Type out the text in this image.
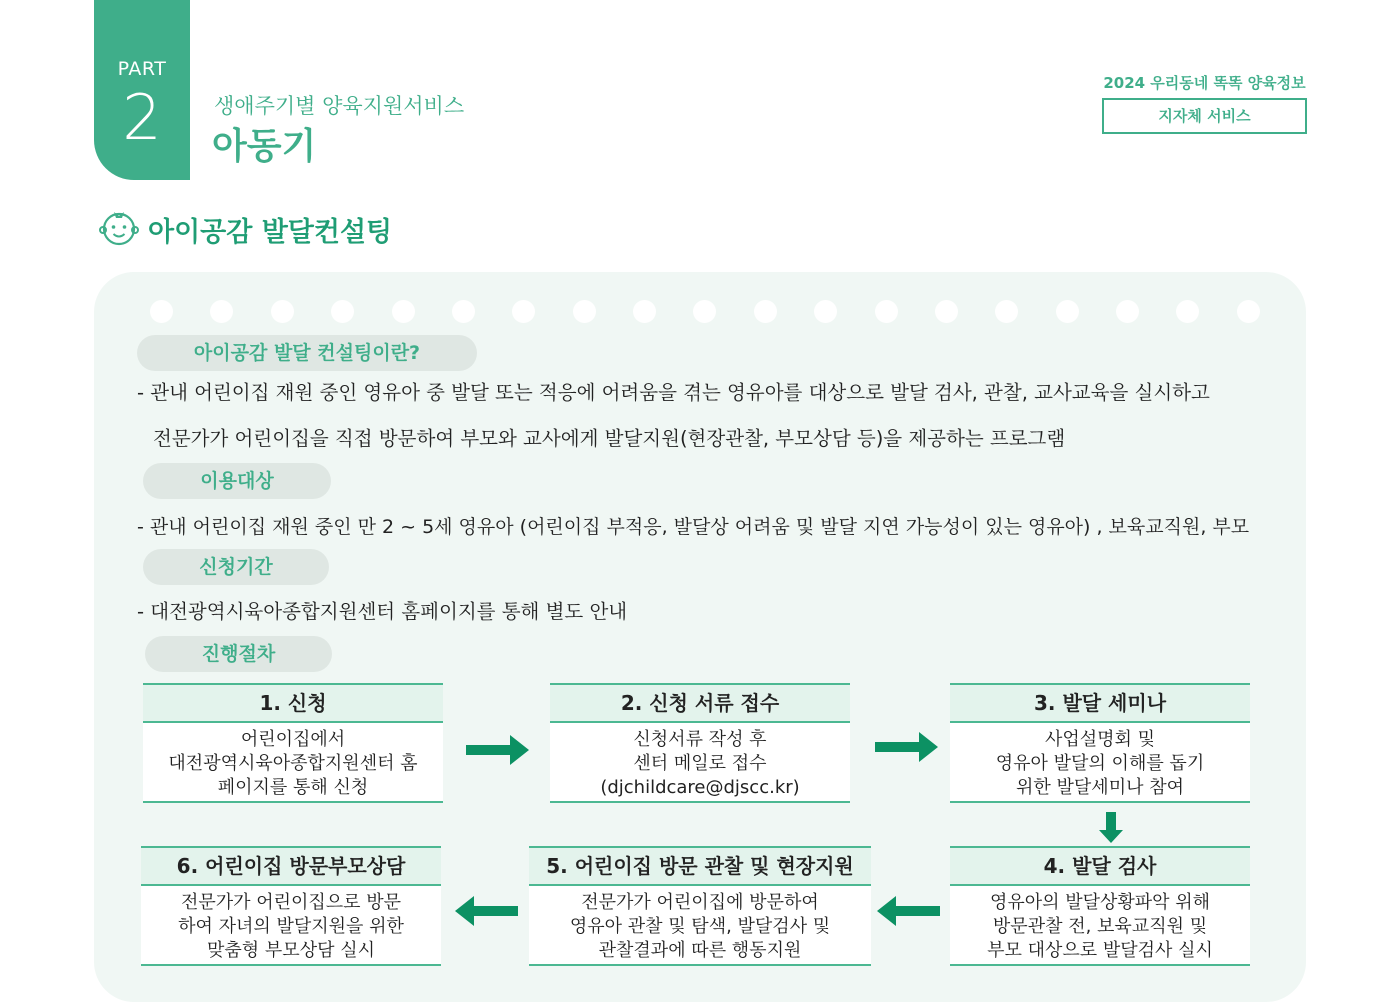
PART
2	생애주기별 양육지원서비스
아동기
2024 우리동네 똑똑 양육정보
지자체 서비스
아이공감 발달컨설팅
아이공감 발달 컨설팅이란?
- 관내 어린이집 재원 중인 영유아 중 발달 또는 적응에 어려움을 겪는 영유아를 대상으로 발달 검사, 관찰, 교사교육을 실시하고
전문가가 어린이집을 직접 방문하여 부모와 교사에게 발달지원(현장관찰, 부모상담 등)을 제공하는 프로그램
이용대상
- 관내 어린이집 재원 중인 만 2 ~ 5세 영유아 (어린이집 부적응, 발달상 어려움 및 발달 지연 가능성이 있는 영유아) , 보육교직원, 부모
신청기간
- 대전광역시육아종합지원센터 홈페이지를 통해 별도 안내
진행절차
1. 신청
어린이집에서
대전광역시육아종합지원센터 홈
페이지를 통해 신청
2. 신청 서류 접수
신청서류 작성 후
센터 메일로 접수
(djchildcare@djscc.kr)
3. 발달 세미나
사업설명회 및
영유아 발달의 이해를 돕기
위한 발달세미나 참여
4. 발달 검사
영유아의 발달상황파악 위해
방문관찰 전, 보육교직원 및
부모 대상으로 발달검사 실시
5. 어린이집 방문 관찰 및 현장지원
전문가가 어린이집에 방문하여
영유아 관찰 및 탐색, 발달검사 및
관찰결과에 따른 행동지원
6. 어린이집 방문부모상담
전문가가 어린이집으로 방문
하여 자녀의 발달지원을 위한
맞춤형 부모상담 실시
